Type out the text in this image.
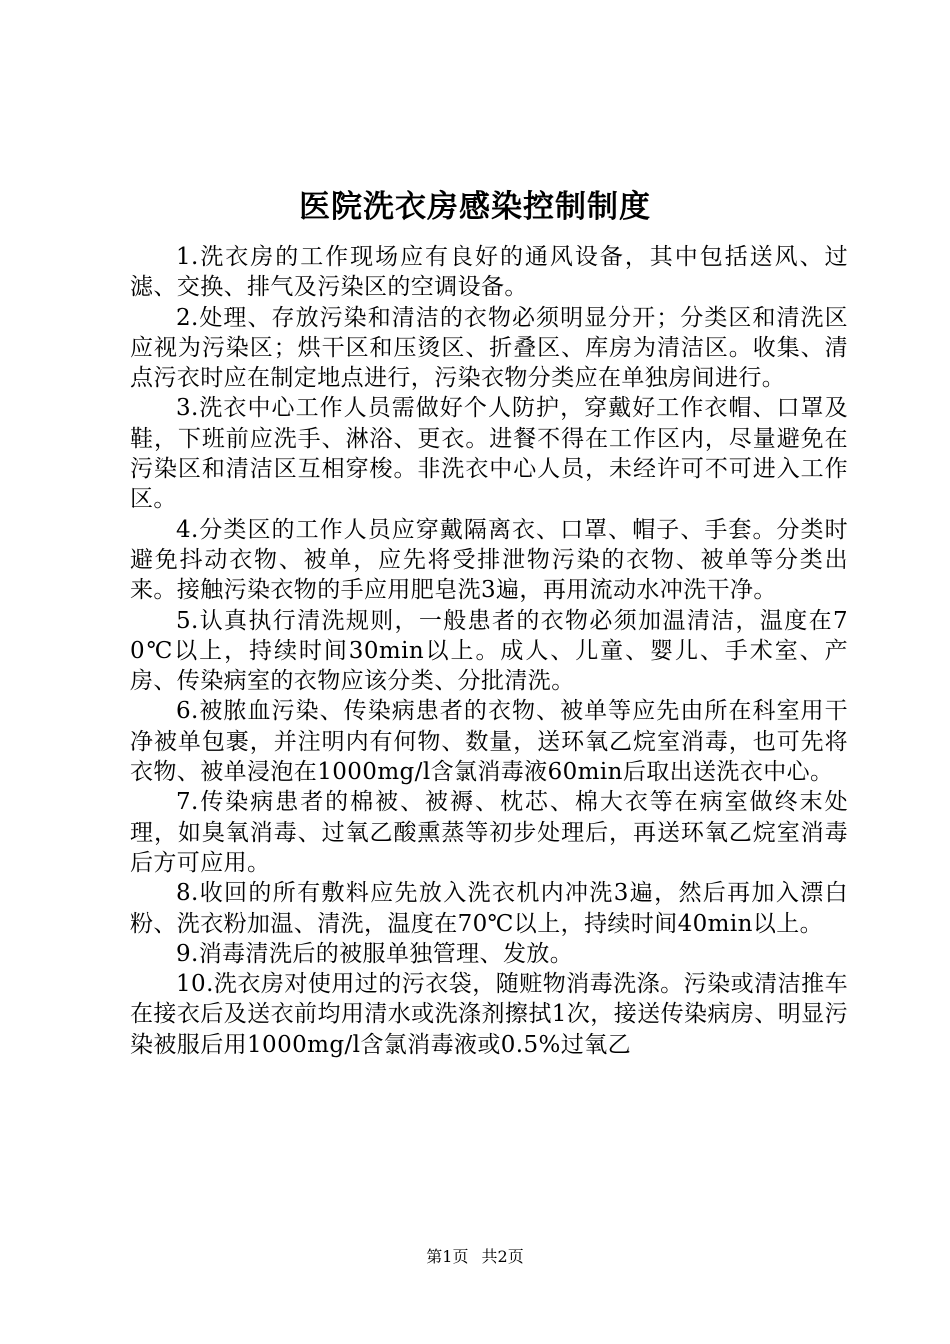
医院洗衣房感染控制制度

1.洗衣房的工作现场应有良好的通风设备，其中包括送风、过滤、交换、排气及污染区的空调设备。

2.处理、存放污染和清洁的衣物必须明显分开；分类区和清洗区应视为污染区；烘干区和压烫区、折叠区、库房为清洁区。收集、清点污衣时应在制定地点进行，污染衣物分类应在单独房间进行。

3.洗衣中心工作人员需做好个人防护，穿戴好工作衣帽、口罩及鞋，下班前应洗手、淋浴、更衣。进餐不得在工作区内，尽量避免在污染区和清洁区互相穿梭。非洗衣中心人员，未经许可不可进入工作区。

4.分类区的工作人员应穿戴隔离衣、口罩、帽子、手套。分类时避免抖动衣物、被单，应先将受排泄物污染的衣物、被单等分类出来。接触污染衣物的手应用肥皂洗3遍，再用流动水冲洗干净。

5.认真执行清洗规则，一般患者的衣物必须加温清洁，温度在70℃以上，持续时间30min以上。成人、儿童、婴儿、手术室、产房、传染病室的衣物应该分类、分批清洗。

6.被脓血污染、传染病患者的衣物、被单等应先由所在科室用干净被单包裹，并注明内有何物、数量，送环氧乙烷室消毒，也可先将衣物、被单浸泡在1000mg/l含氯消毒液60min后取出送洗衣中心。

7.传染病患者的棉被、被褥、枕芯、棉大衣等在病室做终末处理，如臭氧消毒、过氧乙酸熏蒸等初步处理后，再送环氧乙烷室消毒后方可应用。

8.收回的所有敷料应先放入洗衣机内冲洗3遍，然后再加入漂白粉、洗衣粉加温、清洗，温度在70℃以上，持续时间40min以上。

9.消毒清洗后的被服单独管理、发放。

10.洗衣房对使用过的污衣袋，随赃物消毒洗涤。污染或清洁推车在接衣后及送衣前均用清水或洗涤剂擦拭1次，接送传染病房、明显污染被服后用1000mg/l含氯消毒液或0.5%过氧乙

第1页 共2页
